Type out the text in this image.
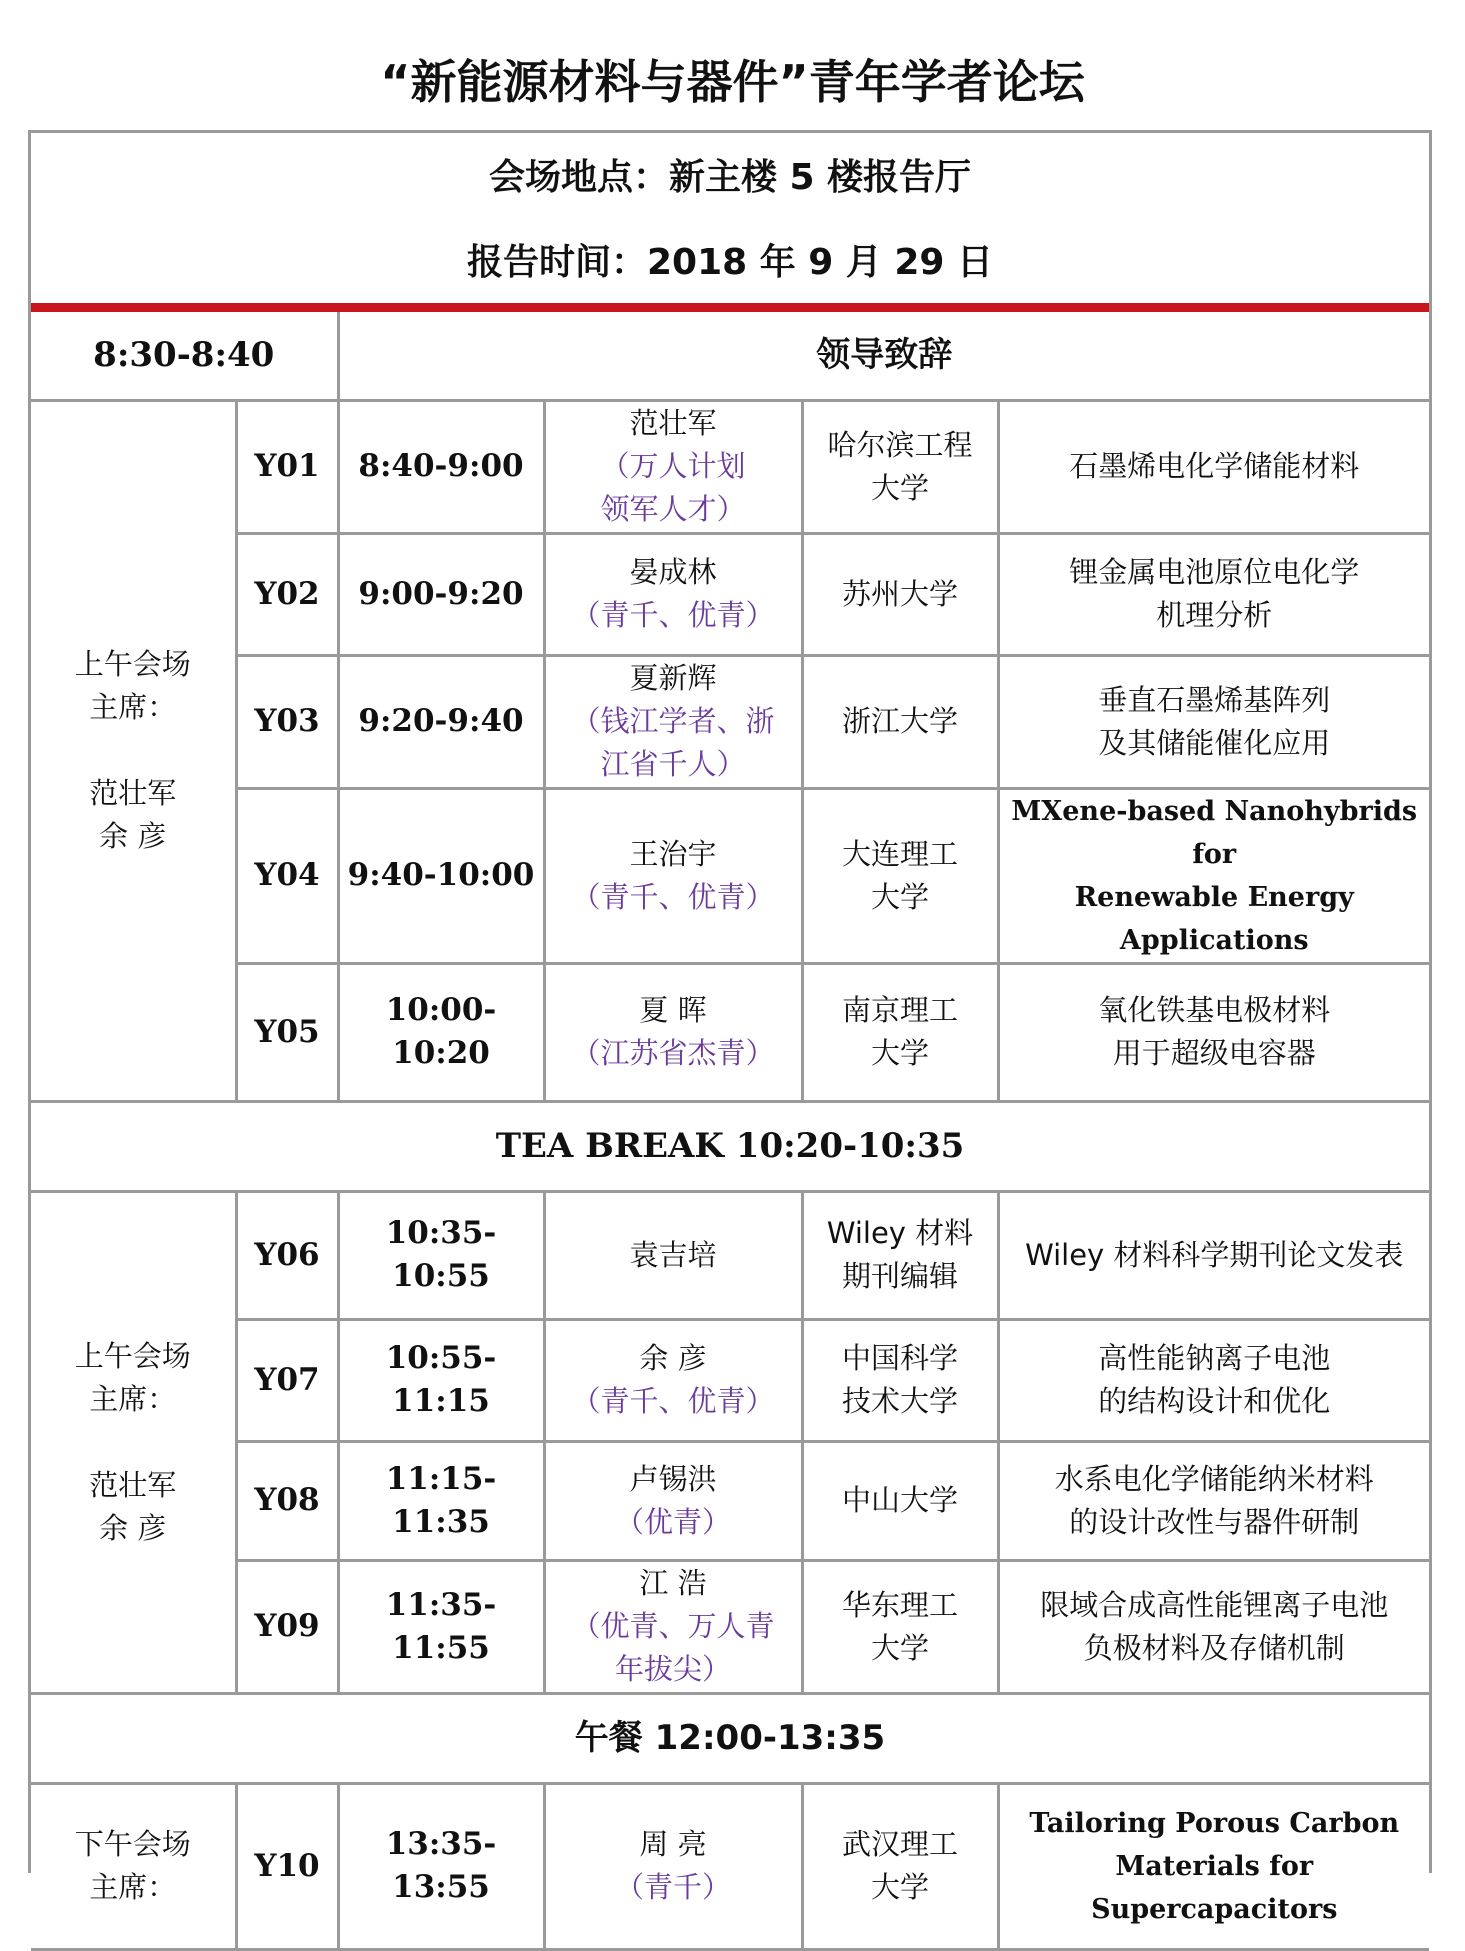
“新能源材料与器件”青年学者论坛
会场地点：新主楼 5 楼报告厅
报告时间：2018 年 9 月 29 日
8:30-8:40		领导致辞			

上午会场
主席：

范壮军
余 彦	Y01	8:40-9:00	范壮军
（万人计划
领军人才）	哈尔滨工程
大学	石墨烯电化学储能材料

	Y02	9:00-9:20	晏成林
（青千、优青）	苏州大学	锂金属电池原位电化学
机理分析

	Y03	9:20-9:40	夏新辉
（钱江学者、浙
江省千人）	浙江大学	垂直石墨烯基阵列
及其储能催化应用

	Y04	9:40-10:00	王治宇
（青千、优青）	大连理工
大学	MXene-based Nanohybrids for
Renewable Energy Applications

	Y05	10:00-10:20	夏 晖
（江苏省杰青）	南京理工
大学	氧化铁基电极材料
用于超级电容器

TEA BREAK 10:20-10:35					

上午会场
主席：

范壮军
余 彦	Y06	10:35-10:55	袁吉培	Wiley 材料
期刊编辑	Wiley 材料科学期刊论文发表

	Y07	10:55-11:15	余 彦
（青千、优青）	中国科学
技术大学	高性能钠离子电池
的结构设计和优化

	Y08	11:15-11:35	卢锡洪
（优青）	中山大学	水系电化学储能纳米材料
的设计改性与器件研制

	Y09	11:35-11:55	江 浩
（优青、万人青
年拔尖）	华东理工
大学	限域合成高性能锂离子电池
负极材料及存储机制

午餐 12:00-13:35					

下午会场
主席：	Y10	13:35-13:55	周 亮
（青千）	武汉理工
大学	Tailoring Porous Carbon
Materials for Supercapacitors
